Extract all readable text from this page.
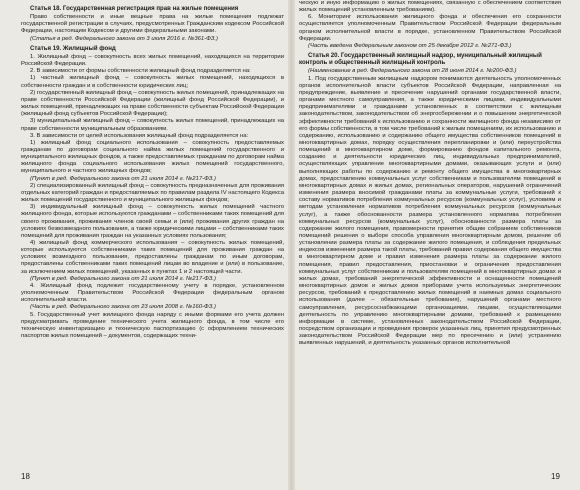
Статья 18. Государственная регистрация прав на жилые помещения

Право собственности и иные вещные права на жилые помещения подлежат государственной регистрации в случаях, предусмотренных Гражданским кодексом Российской Федерации, настоящим Кодексом и другими федеральными законами.

(Статья в ред. Федерального закона от 3 июля 2016 г. №361-ФЗ.)

Статья 19. Жилищный фонд

1. Жилищный фонд – совокупность всех жилых помещений, находящихся на территории Российской Федерации.

2. В зависимости от формы собственности жилищный фонд подразделяется на:

1) частный жилищный фонд – совокупность жилых помещений, находящихся в собственности граждан и в собственности юридических лиц;

2) государственный жилищный фонд – совокупность жилых помещений, принадлежащих на праве собственности Российской Федерации (жилищный фонд Российской Федерации), и жилых помещений, принадлежащих на праве собственности субъектам Российской Федерации (жилищный фонд субъектов Российской Федерации);

3) муниципальный жилищный фонд – совокупность жилых помещений, принадлежащих на праве собственности муниципальным образованиям.

3. В зависимости от целей использования жилищный фонд подразделяется на:

1) жилищный фонд социального использования – совокупность предоставляемых гражданам по договорам социального найма жилых помещений государственного и муниципального жилищных фондов, а также предоставляемых гражданам по договорам найма жилищного фонда социального использования жилых помещений государственного, муниципального и частного жилищных фондов;

(Пункт в ред. Федерального закона от 21 июля 2014 г. №217-ФЗ.)

2) специализированный жилищный фонд – совокупность предназначенных для проживания отдельных категорий граждан и предоставляемых по правилам раздела IV настоящего Кодекса жилых помещений государственного и муниципального жилищных фондов;

3) индивидуальный жилищный фонд – совокупность жилых помещений частного жилищного фонда, которые используются гражданами – собственниками таких помещений для своего проживания, проживания членов своей семьи и (или) проживания других граждан на условиях безвозмездного пользования, а также юридическими лицами – собственниками таких помещений для проживания граждан на указанных условиях пользования;

4) жилищный фонд коммерческого использования – совокупность жилых помещений, которые используются собственниками таких помещений для проживания граждан на условиях возмездного пользования, предоставлены гражданам по иным договорам, предоставлены собственниками таких помещений лицам во владение и (или) в пользование, за исключением жилых помещений, указанных в пунктах 1 и 2 настоящей части.

(Пункт в ред. Федерального закона от 21 июля 2014 г. №217-ФЗ.)

4. Жилищный фонд подлежит государственному учету в порядке, установленном уполномоченным Правительством Российской Федерации федеральным органом исполнительной власти.

(Часть в ред. Федерального закона от 23 июля 2008 г. №160-ФЗ.)

5. Государственный учет жилищного фонда наряду с иными формами его учета должен предусматривать проведение технического учета жилищного фонда, в том числе его техническую инвентаризацию и техническую паспортизацию (с оформлением технических паспортов жилых помещений – документов, содержащих техни-

ческую и иную информацию о жилых помещениях, связанную с обеспечением соответствия жилых помещений установленным требованиям).

6. Мониторинг использования жилищного фонда и обеспечения его сохранности осуществляется уполномоченным Правительством Российской Федерации федеральным органом исполнительной власти в порядке, установленном Правительством Российской Федерации.

(Часть введена Федеральным законом от 25 декабря 2012 г. №271-ФЗ.)

Статья 20. Государственный жилищный надзор, муниципальный жилищный контроль и общественный жилищный контроль

(Наименование в ред. Федерального закона от 28 июня 2014 г. №200-ФЗ.)

1. Под государственным жилищным надзором понимаются деятельность уполномоченных органов исполнительной власти субъектов Российской Федерации, направленная на предупреждение, выявление и пресечение нарушений органами государственной власти, органами местного самоуправления, а также юридическими лицами, индивидуальными предпринимателями и гражданами установленных в соответствии с жилищным законодательством, законодательством об энергосбережении и о повышении энергетической эффективности требований к использованию и сохранности жилищного фонда независимо от его формы собственности, в том числе требований к жилым помещениям, их использованию и содержанию, использованию и содержанию общего имущества собственников помещений в многоквартирных домах, порядку осуществления перепланировки и (или) переустройства помещений в многоквартирном доме, формированию фондов капитального ремонта, созданию и деятельности юридических лиц, индивидуальных предпринимателей, осуществляющих управление многоквартирными домами, оказывающих услуги и (или) выполняющих работы по содержанию и ремонту общего имущества в многоквартирных домах, предоставлению коммунальных услуг собственникам и пользователям помещений в многоквартирных домах и жилых домах, региональных операторов, нарушений ограничений изменения размера вносимой гражданами платы за коммунальные услуги, требований к составу нормативов потребления коммунальных ресурсов (коммунальных услуг), условиям и методам установления нормативов потребления коммунальных ресурсов (коммунальных услуг), а также обоснованности размера установленного норматива потребления коммунальных ресурсов (коммунальных услуг), обоснованности размера платы за содержание жилого помещения, правомерности принятия общим собранием собственников помещений решения о выборе способа управления многоквартирным домом, решение об установлении размера платы за содержание жилого помещения, и соблюдения предельных индексов изменения размера такой платы, требований правил содержания общего имущества в многоквартирном доме и правил изменения размера платы за содержание жилого помещения, правил предоставления, приостановки и ограничения предоставления коммунальных услуг собственникам и пользователям помещений в многоквартирных домах и жилых домах, требований энергетической эффективности и оснащенности помещений многоквартирных домов и жилых домов приборами учета используемых энергетических ресурсов, требований к предоставлению жилых помещений в наемных домах социального использования (далее – обязательные требования), нарушений органами местного самоуправления, ресурсоснабжающими организациями, лицами, осуществляющими деятельность по управлению многоквартирными домами, требований к размещению информации в системе, установленных законодательством Российской Федерации, посредством организации и проведения проверок указанных лиц, принятия предусмотренных законодательством Российской Федерации мер по пресечению и (или) устранению выявленных нарушений, и деятельность указанных органов исполнительной

18	19
